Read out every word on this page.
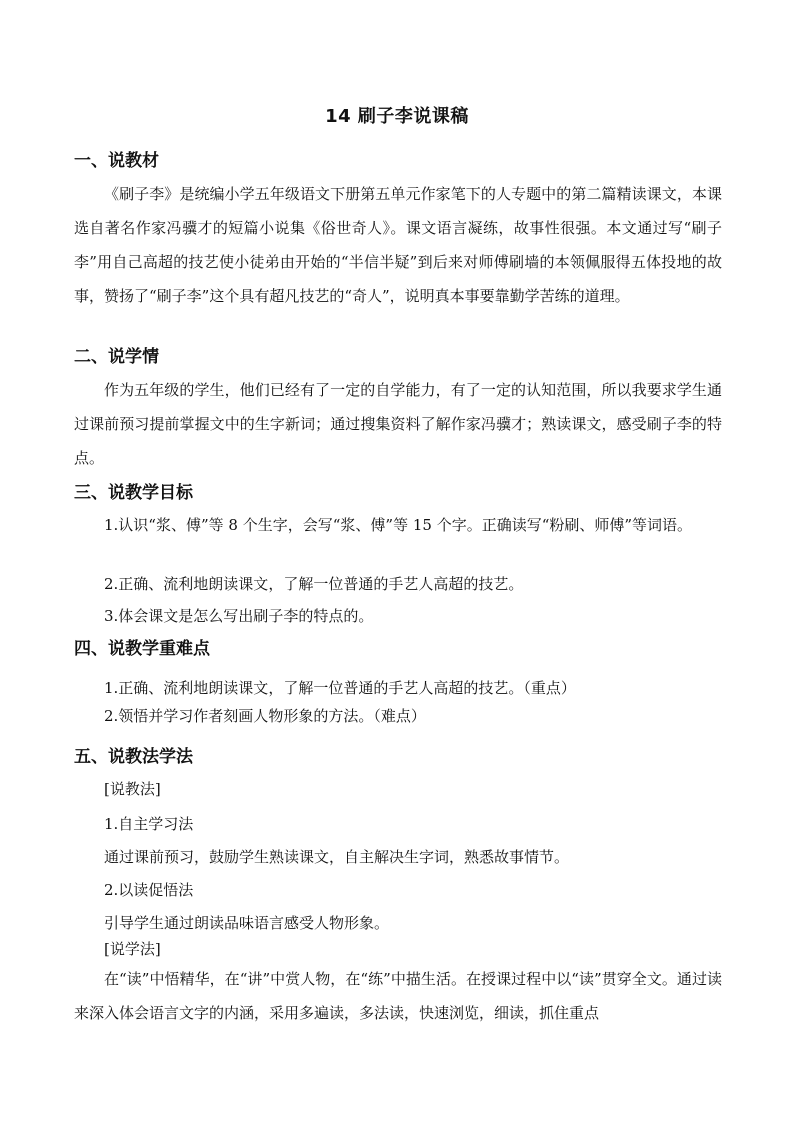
14 刷子李说课稿
一、说教材
《刷子李》是统编小学五年级语文下册第五单元作家笔下的人专题中的第二篇精读课文，本课选自著名作家冯骥才的短篇小说集《俗世奇人》。课文语言凝练，故事性很强。本文通过写“刷子李”用自己高超的技艺使小徒弟由开始的“半信半疑”到后来对师傅刷墙的本领佩服得五体投地的故事，赞扬了“刷子李”这个具有超凡技艺的“奇人”，说明真本事要靠勤学苦练的道理。
二、说学情
作为五年级的学生，他们已经有了一定的自学能力，有了一定的认知范围，所以我要求学生通过课前预习提前掌握文中的生字新词；通过搜集资料了解作家冯骥才；熟读课文，感受刷子李的特点。
三、说教学目标
1.认识“浆、傅”等 8 个生字，会写“浆、傅”等 15 个字。正确读写“粉刷、师傅”等词语。
2.正确、流利地朗读课文，了解一位普通的手艺人高超的技艺。
3.体会课文是怎么写出刷子李的特点的。
四、说教学重难点
1.正确、流利地朗读课文，了解一位普通的手艺人高超的技艺。（重点）
2.领悟并学习作者刻画人物形象的方法。（难点）
五、说教法学法
[说教法]
1.自主学习法
通过课前预习，鼓励学生熟读课文，自主解决生字词，熟悉故事情节。
2.以读促悟法
引导学生通过朗读品味语言感受人物形象。
[说学法]
在“读”中悟精华，在“讲”中赏人物，在“练”中描生活。在授课过程中以“读”贯穿全文。通过读来深入体会语言文字的内涵，采用多遍读，多法读，快速浏览，细读，抓住重点
